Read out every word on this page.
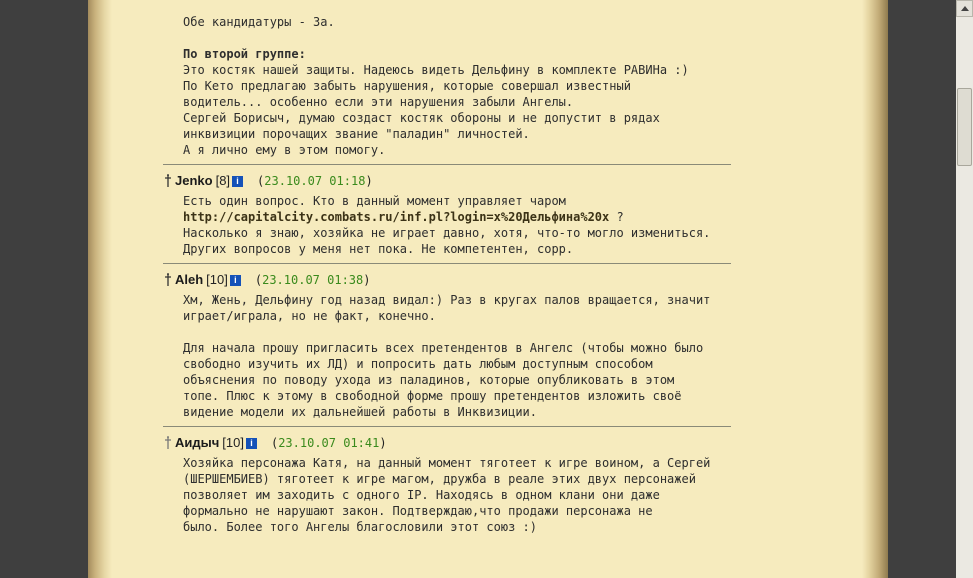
Обе кандидатуры - За.

По второй группе:

Это костяк нашей защиты. Надеюсь видеть Дельфину в комплекте РАВИНа :)

По Кето предлагаю забыть нарушения, которые совершал известный

водитель... особенно если эти нарушения забыли Ангелы.

Сергей Борисыч, думаю создаст костяк обороны и не допустит в рядах

инквизиции порочащих звание "паладин" личностей.

А я лично ему в этом помогу.

Jenko [8] i	(23.10.07 01:18)

Есть один вопрос. Кто в данный момент управляет чаром

http://capitalcity.combats.ru/inf.pl?login=x%20Дельфина%20x ?

Насколько я знаю, хозяйка не играет давно, хотя, что-то могло измениться.

Других вопросов у меня нет пока. Не компетентен, сорр.

Aleh [10] i	(23.10.07 01:38)

Хм, Жень, Дельфину год назад видал:) Раз в кругах палов вращается, значит

играет/играла, но не факт, конечно.

Для начала прошу пригласить всех претендентов в Ангелс (чтобы можно было

свободно изучить их ЛД) и попросить дать любым доступным способом

объяснения по поводу ухода из паладинов, которые опубликовать в этом

топе. Плюс к этому в свободной форме прошу претендентов изложить своё

видение модели их дальнейшей работы в Инквизиции.

Аидыч [10] i	(23.10.07 01:41)

Хозяйка персонажа Катя, на данный момент тяготеет к игре воином, а Сергей

(ШЕРШЕМБИЕВ) тяготеет к игре магом, дружба в реале этих двух персонажей

позволяет им заходить с одного IP. Находясь в одном клани они даже

формально не нарушают закон. Подтверждаю,что продажи персонажа не

было. Более того Ангелы благословили этот союз :)
